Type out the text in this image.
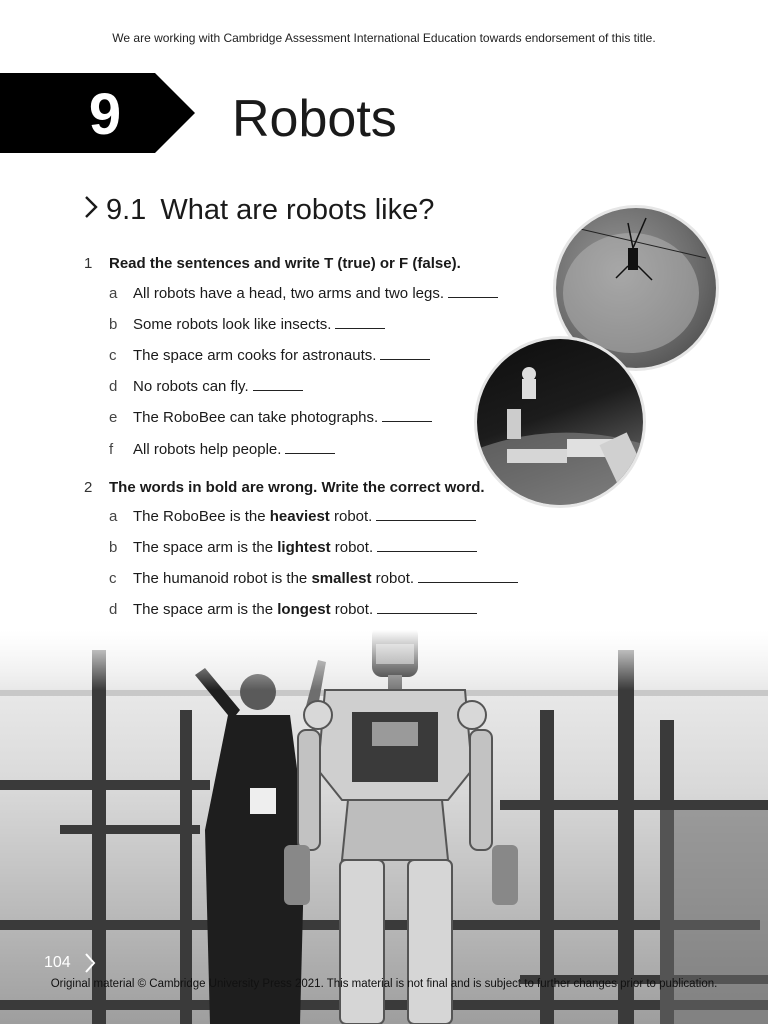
We are working with Cambridge Assessment International Education towards endorsement of this title.
9 Robots
9.1 What are robots like?
1 Read the sentences and write T (true) or F (false).
a All robots have a head, two arms and two legs.
b Some robots look like insects.
c The space arm cooks for astronauts.
d No robots can fly.
e The RoboBee can take photographs.
f All robots help people.
2 The words in bold are wrong. Write the correct word.
a The RoboBee is the heaviest robot.
b The space arm is the lightest robot.
c The humanoid robot is the smallest robot.
d The space arm is the longest robot.
104
Original material © Cambridge University Press 2021. This material is not final and is subject to further changes prior to publication.
